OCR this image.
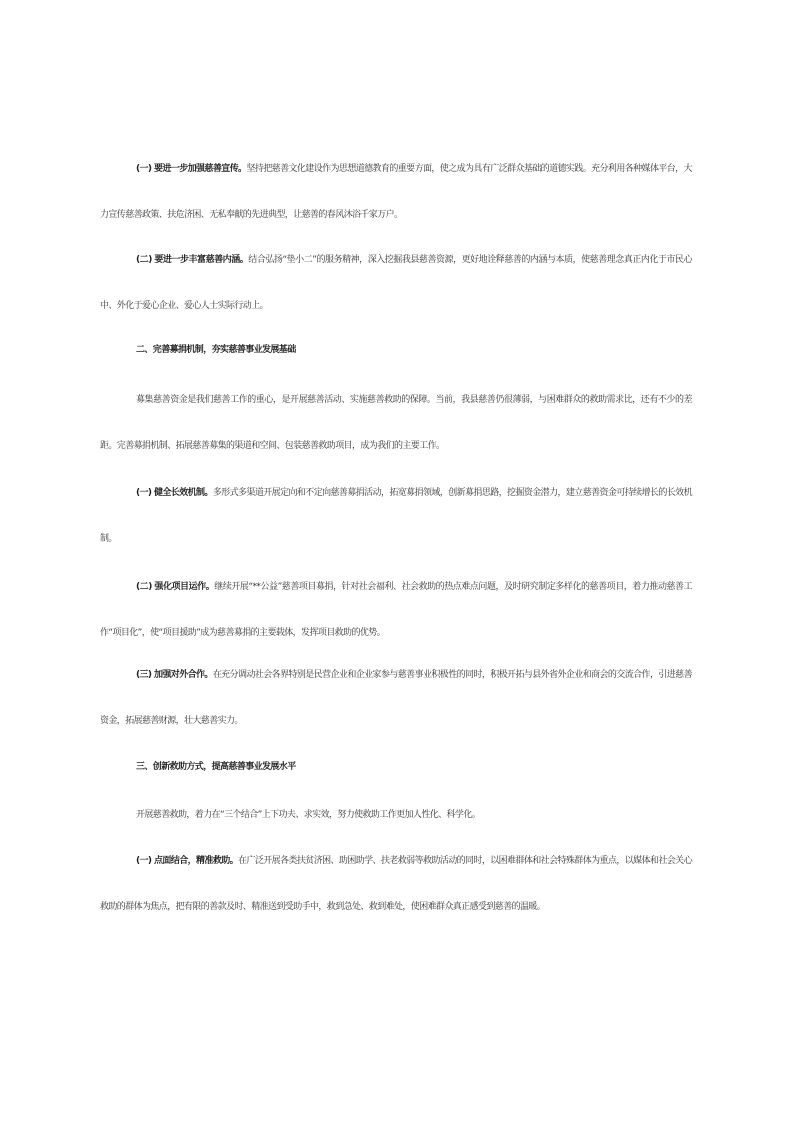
(一) 要进一步加强慈善宣传。坚持把慈善文化建设作为思想道德教育的重要方面，使之成为具有广泛群众基础的道德实践。充分利用各种媒体平台，大力宣传慈善政策、扶危济困、无私奉献的先进典型，让慈善的春风沐浴千家万户。

(二) 要进一步丰富慈善内涵。结合弘扬“垫小二”的服务精神，深入挖掘我县慈善资源，更好地诠释慈善的内涵与本质，使慈善理念真正内化于市民心中、外化于爱心企业、爱心人士实际行动上。

二、完善募捐机制，夯实慈善事业发展基础

募集慈善资金是我们慈善工作的重心，是开展慈善活动、实施慈善救助的保障。当前，我县慈善仍很薄弱，与困难群众的救助需求比，还有不少的差距。完善募捐机制、拓展慈善募集的渠道和空间、包装慈善救助项目，成为我们的主要工作。

(一) 健全长效机制。多形式多渠道开展定向和不定向慈善募捐活动，拓宽募捐领域，创新募捐思路，挖掘资金潜力，建立慈善资金可持续增长的长效机制。

(二) 强化项目运作。继续开展“**公益”慈善项目募捐，针对社会福利、社会救助的热点难点问题，及时研究制定多样化的慈善项目，着力推动慈善工作“项目化”，使“项目援助”成为慈善募捐的主要载体，发挥项目救助的优势。

(三) 加强对外合作。在充分调动社会各界特别是民营企业和企业家参与慈善事业积极性的同时，积极开拓与县外省外企业和商会的交流合作，引进慈善资金，拓展慈善财源，壮大慈善实力。

三、创新救助方式，提高慈善事业发展水平

开展慈善救助，着力在“三个结合”上下功夫、求实效，努力使救助工作更加人性化、科学化。

(一) 点面结合，精准救助。在广泛开展各类扶贫济困、助困助学、扶老救弱等救助活动的同时，以困难群体和社会特殊群体为重点，以媒体和社会关心救助的群体为焦点，把有限的善款及时、精准送到受助手中，救到急处、救到难处，使困难群众真正感受到慈善的温暖。
